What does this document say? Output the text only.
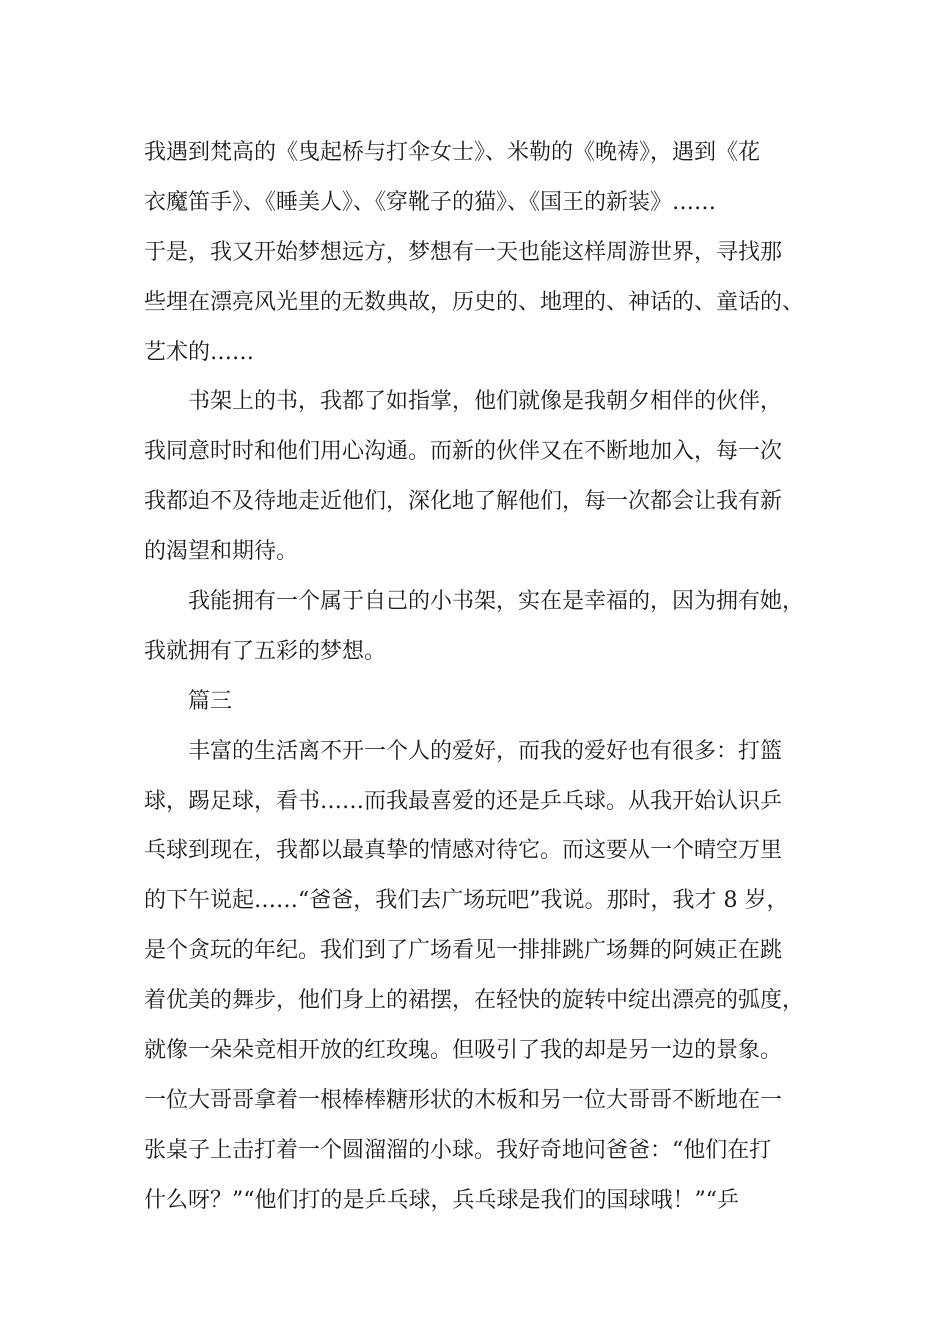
我遇到梵高的《曳起桥与打伞女士》、米勒的《晚祷》，遇到《花
衣魔笛手》、《睡美人》、《穿靴子的猫》、《国王的新装》……
于是，我又开始梦想远方，梦想有一天也能这样周游世界，寻找那
些埋在漂亮风光里的无数典故，历史的、地理的、神话的、童话的、
艺术的……
书架上的书，我都了如指掌，他们就像是我朝夕相伴的伙伴，
我同意时时和他们用心沟通。而新的伙伴又在不断地加入，每一次
我都迫不及待地走近他们，深化地了解他们，每一次都会让我有新
的渴望和期待。
我能拥有一个属于自己的小书架，实在是幸福的，因为拥有她，
我就拥有了五彩的梦想。
篇三
丰富的生活离不开一个人的爱好，而我的爱好也有很多：打篮
球，踢足球，看书……而我最喜爱的还是乒乓球。从我开始认识乒
乓球到现在，我都以最真挚的情感对待它。而这要从一个晴空万里
的下午说起……“爸爸，我们去广场玩吧”我说。那时，我才 8 岁，
是个贪玩的年纪。我们到了广场看见一排排跳广场舞的阿姨正在跳
着优美的舞步，他们身上的裙摆，在轻快的旋转中绽出漂亮的弧度，
就像一朵朵竞相开放的红玫瑰。但吸引了我的却是另一边的景象。
一位大哥哥拿着一根棒棒糖形状的木板和另一位大哥哥不断地在一
张桌子上击打着一个圆溜溜的小球。我好奇地问爸爸：“他们在打
什么呀？”“他们打的是乒乓球，兵乓球是我们的国球哦！”“乒
